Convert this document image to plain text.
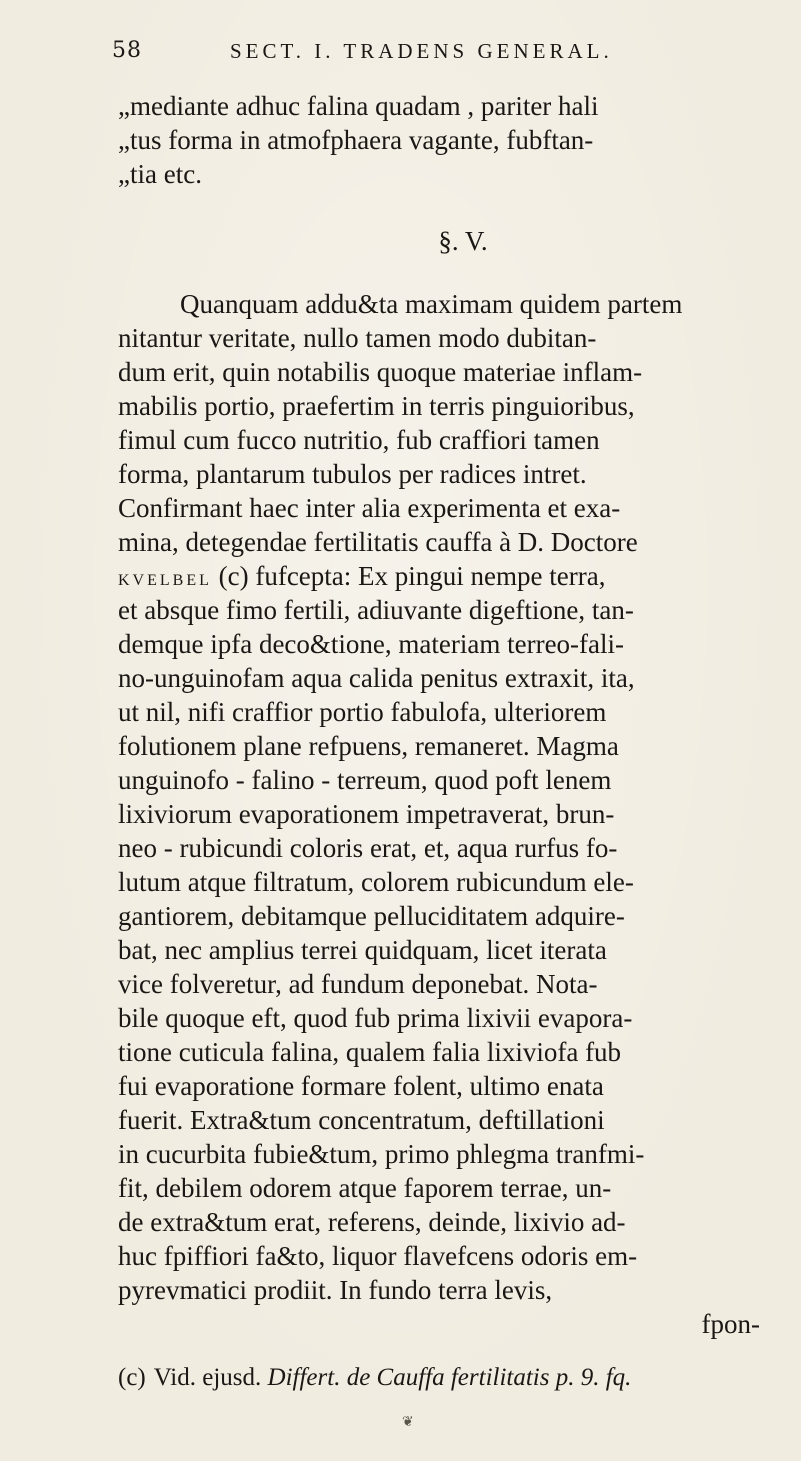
58	SECT. I. TRADENS GENERAL.
„mediante adhuc falina quadam , pariter hali
„tus forma in atmofphaera vagante, fubftan-
„tia etc.
§. V.
Quanquam addu&ta maximam quidem partem
nitantur veritate, nullo tamen modo dubitan-
dum erit, quin notabilis quoque materiae inflam-
mabilis portio, praefertim in terris pinguioribus,
fimul cum fucco nutritio, fub craffiori tamen
forma, plantarum tubulos per radices intret.
Confirmant haec inter alia experimenta et exa-
mina, detegendae fertilitatis cauffa à D. Doctore
kvelbel (c) fufcepta: Ex pingui nempe terra,
et absque fimo fertili, adiuvante digeftione, tan-
demque ipfa deco&tione, materiam terreo-fali-
no-unguinofam aqua calida penitus extraxit, ita,
ut nil, nifi craffior portio fabulofa, ulteriorem
folutionem plane refpuens, remaneret. Magma
unguinofo - falino - terreum, quod poft lenem
lixiviorum evaporationem impetraverat, brun-
neo - rubicundi coloris erat, et, aqua rurfus fo-
lutum atque filtratum, colorem rubicundum ele-
gantiorem, debitamque pelluciditatem adquire-
bat, nec amplius terrei quidquam, licet iterata
vice folveretur, ad fundum deponebat. Nota-
bile quoque eft, quod fub prima lixivii evapora-
tione cuticula falina, qualem falia lixiviofa fub
fui evaporatione formare folent, ultimo enata
fuerit. Extra&tum concentratum, deftillationi
in cucurbita fubie&tum, primo phlegma tranfmi-
fit, debilem odorem atque faporem terrae, un-
de extra&tum erat, referens, deinde, lixivio ad-
huc fpiffiori fa&to, liquor flavefcens odoris em-
pyrevmatici prodiit. In fundo terra levis,
fpon-
(c) Vid. ejusd. Differt. de Cauffa fertilitatis p. 9. fq.
❦
